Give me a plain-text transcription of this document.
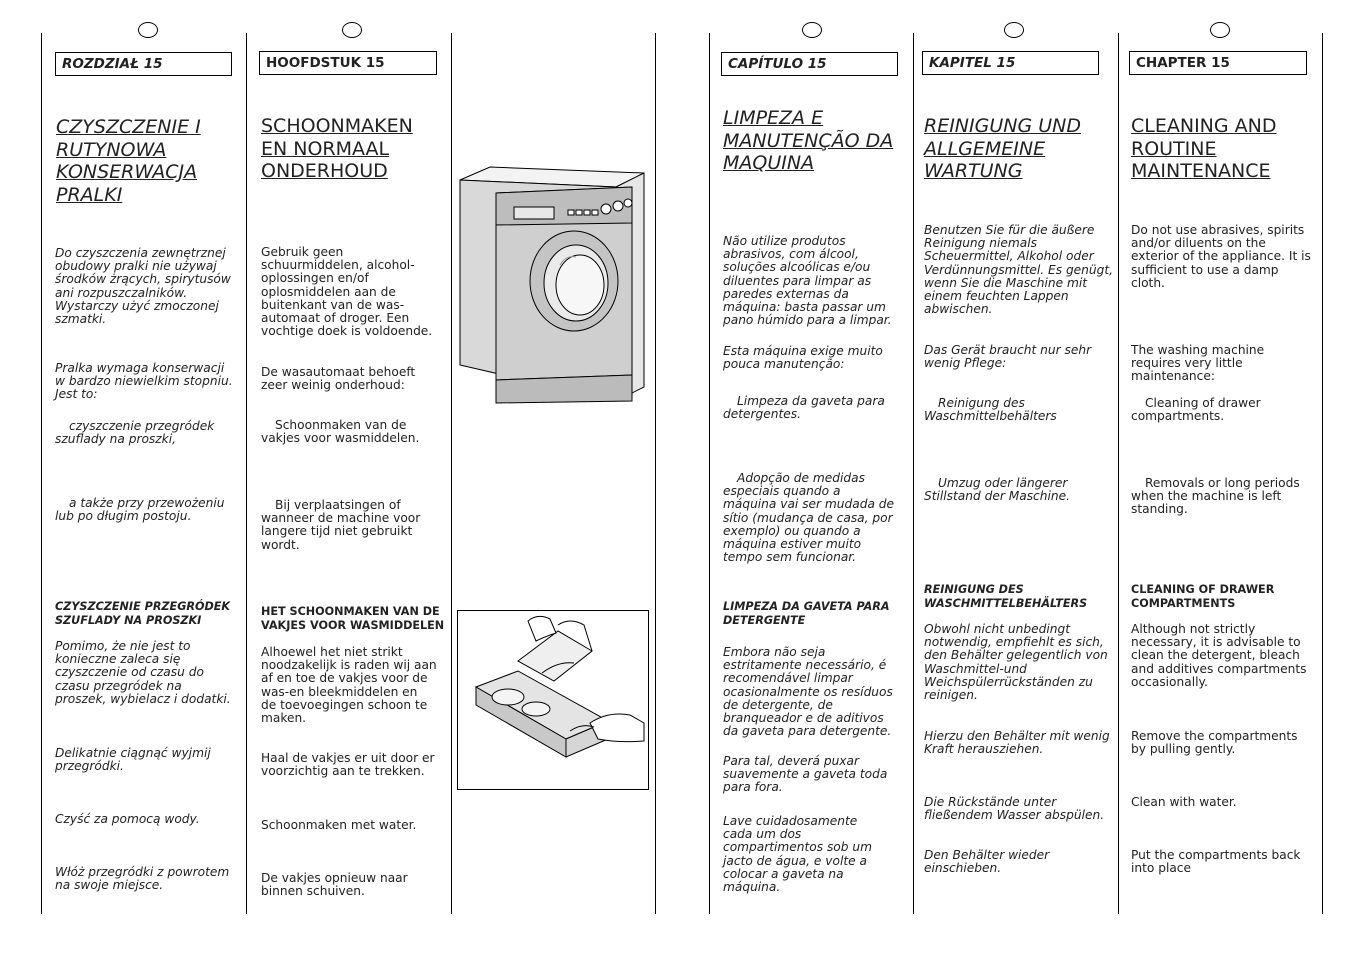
ROZDZIAŁ 15
CZYSZCZENIE I
RUTYNOWA
KONSERWACJA
PRALKI
Do czyszczenia zewnętrznej
obudowy pralki nie używaj
środków żrących, spirytusów
ani rozpuszczalników.
Wystarczy użyć zmoczonej
szmatki.
Pralka wymaga konserwacji
w bardzo niewielkim stopniu.
Jest to:
czyszczenie przegródek
szuflady na proszki,
a także przy przewożeniu
lub po długim postoju.
CZYSZCZENIE PRZEGRÓDEK
SZUFLADY NA PROSZKI
Pomimo, że nie jest to
konieczne zaleca się
czyszczenie od czasu do
czasu przegródek na
proszek, wybielacz i dodatki.
Delikatnie ciągnąć wyjmij
przegródki.
Czyść za pomocą wody.
Włóż przegródki z powrotem
na swoje miejsce.
HOOFDSTUK 15
SCHOONMAKEN
EN NORMAAL
ONDERHOUD
Gebruik geen
schuurmiddelen, alcohol-
oplossingen en/of
oplosmiddelen aan de
buitenkant van de was-
automaat of droger. Een
vochtige doek is voldoende.
De wasautomaat behoeft
zeer weinig onderhoud:
Schoonmaken van de
vakjes voor wasmiddelen.
Bij verplaatsingen of
wanneer de machine voor
langere tijd niet gebruikt
wordt.
HET SCHOONMAKEN VAN DE
VAKJES VOOR WASMIDDELEN
Alhoewel het niet strikt
noodzakelijk is raden wij aan
af en toe de vakjes voor de
was-en bleekmiddelen en
de toevoegingen schoon te
maken.
Haal de vakjes er uit door er
voorzichtig aan te trekken.
Schoonmaken met water.
De vakjes opnieuw naar
binnen schuiven.
CAPÍTULO 15
LIMPEZA E
MANUTENÇÃO DA
MAQUINA
Não utilize produtos
abrasivos, com álcool,
soluções alcoólicas e/ou
diluentes para limpar as
paredes externas da
máquina: basta passar um
pano húmido para a limpar.
Esta máquina exige muito
pouca manutenção:
Limpeza da gaveta para
detergentes.
Adopção de medidas
especiais quando a
máquina vai ser mudada de
sítio (mudança de casa, por
exemplo) ou quando a
máquina estiver muito
tempo sem funcionar.
LIMPEZA DA GAVETA PARA
DETERGENTE
Embora não seja
estritamente necessário, é
recomendável limpar
ocasionalmente os resíduos
de detergente, de
branqueador e de aditivos
da gaveta para detergente.
Para tal, deverá puxar
suavemente a gaveta toda
para fora.
Lave cuidadosamente
cada um dos
compartimentos sob um
jacto de água, e volte a
colocar a gaveta na
máquina.
KAPITEL 15
REINIGUNG UND
ALLGEMEINE
WARTUNG
Benutzen Sie für die äußere
Reinigung niemals
Scheuermittel, Alkohol oder
Verdünnungsmittel. Es genügt,
wenn Sie die Maschine mit
einem feuchten Lappen
abwischen.
Das Gerät braucht nur sehr
wenig Pflege:
Reinigung des
Waschmittelbehälters
Umzug oder längerer
Stillstand der Maschine.
REINIGUNG DES
WASCHMITTELBEHÄLTERS
Obwohl nicht unbedingt
notwendig, empfiehlt es sich,
den Behälter gelegentlich von
Waschmittel-und
Weichspülerrückständen zu
reinigen.
Hierzu den Behälter mit wenig
Kraft herausziehen.
Die Rückstände unter
fließendem Wasser abspülen.
Den Behälter wieder
einschieben.
CHAPTER 15
CLEANING AND
ROUTINE
MAINTENANCE
Do not use abrasives, spirits
and/or diluents on the
exterior of the appliance. It is
sufficient to use a damp
cloth.
The washing machine
requires very little
maintenance:
Cleaning of drawer
compartments.
Removals or long periods
when the machine is left
standing.
CLEANING OF DRAWER
COMPARTMENTS
Although not strictly
necessary, it is advisable to
clean the detergent, bleach
and additives compartments
occasionally.
Remove the compartments
by pulling gently.
Clean with water.
Put the compartments back
into place
